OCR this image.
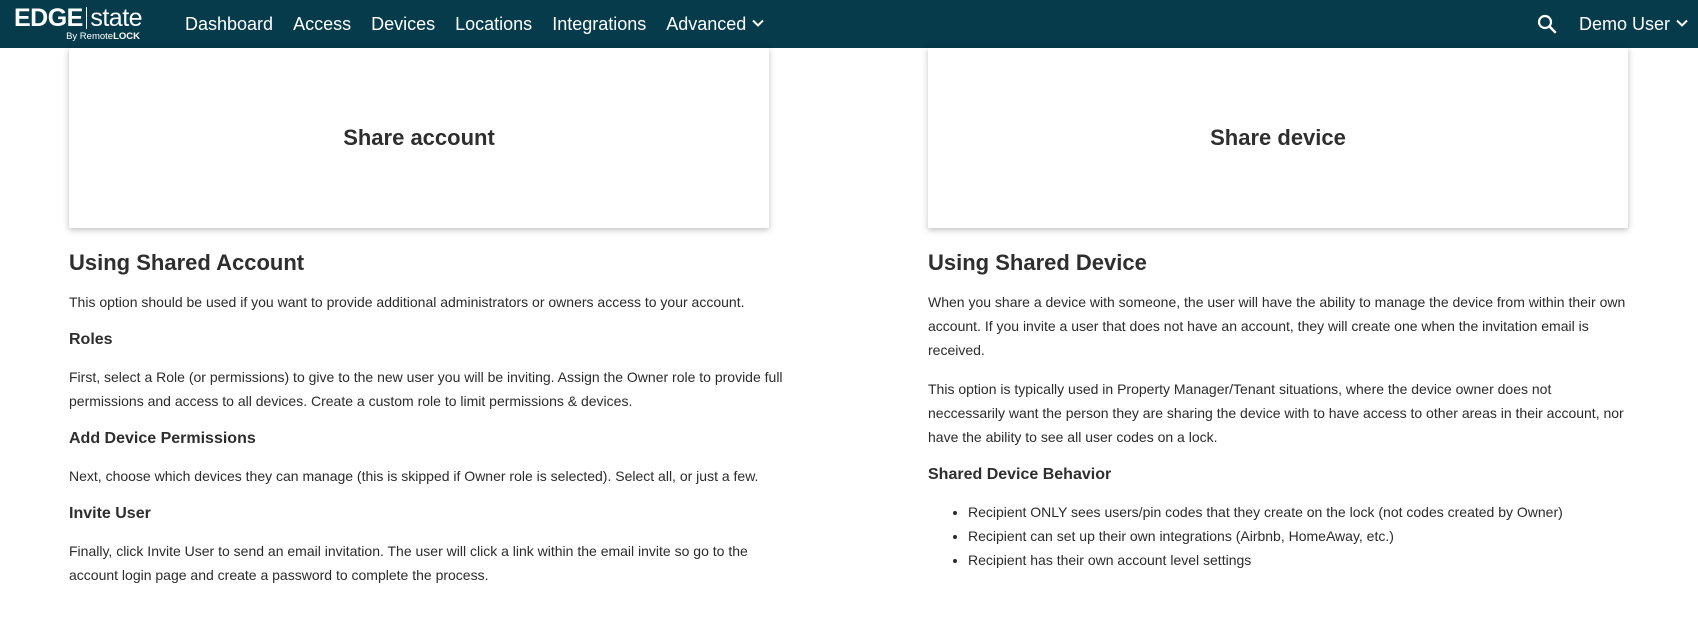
EDGE state
By RemoteLOCK
Dashboard Access Devices Locations Integrations Advanced	Demo User
Share account	Share device
Using Shared Account

This option should be used if you want to provide additional administrators or owners access to your account.

Roles

First, select a Role (or permissions) to give to the new user you will be inviting. Assign the Owner role to provide full permissions and access to all devices. Create a custom role to limit permissions & devices.

Add Device Permissions

Next, choose which devices they can manage (this is skipped if Owner role is selected). Select all, or just a few.

Invite User

Finally, click Invite User to send an email invitation. The user will click a link within the email invite so go to the account login page and create a password to complete the process.

Using Shared Device

When you share a device with someone, the user will have the ability to manage the device from within their own account. If you invite a user that does not have an account, they will create one when the invitation email is received.

This option is typically used in Property Manager/Tenant situations, where the device owner does not neccessarily want the person they are sharing the device with to have access to other areas in their account, nor have the ability to see all user codes on a lock.

Shared Device Behavior
• Recipient ONLY sees users/pin codes that they create on the lock (not codes created by Owner)
• Recipient can set up their own integrations (Airbnb, HomeAway, etc.)
• Recipient has their own account level settings
